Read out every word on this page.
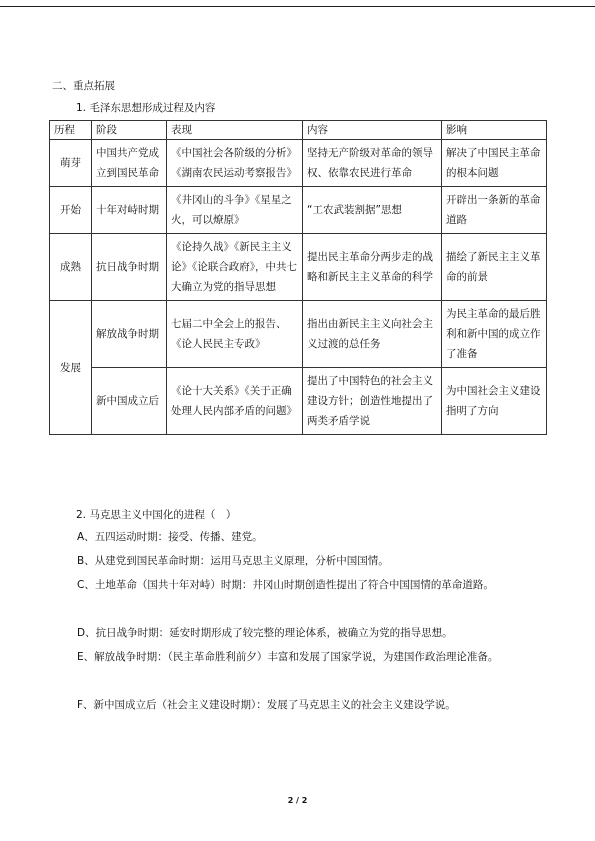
二、重点拓展
1. 毛泽东思想形成过程及内容
历程	阶段	表现	内容	影响
萌芽	中国共产党成立到国民革命	《中国社会各阶级的分析》《湖南农民运动考察报告》	坚持无产阶级对革命的领导权、依靠农民进行革命	解决了中国民主革命的根本问题
开始	十年对峙时期	《井冈山的斗争》《星星之火，可以燎原》	“工农武装割据”思想	开辟出一条新的革命道路
成熟	抗日战争时期	《论持久战》《新民主主义论》《论联合政府》，中共七大确立为党的指导思想	提出民主革命分两步走的战略和新民主主义革命的科学	描绘了新民主主义革命的前景
发展	解放战争时期	七届二中全会上的报告、《论人民民主专政》	指出由新民主主义向社会主义过渡的总任务	为民主革命的最后胜利和新中国的成立作了准备
	新中国成立后	《论十大关系》《关于正确处理人民内部矛盾的问题》	提出了中国特色的社会主义建设方针；创造性地提出了两类矛盾学说	为中国社会主义建设指明了方向
2. 马克思主义中国化的进程（　）
A、五四运动时期：接受、传播、建党。
B、从建党到国民革命时期：运用马克思主义原理，分析中国国情。
C、土地革命（国共十年对峙）时期：井冈山时期创造性提出了符合中国国情的革命道路。
D、抗日战争时期：延安时期形成了较完整的理论体系，被确立为党的指导思想。
E、解放战争时期：（民主革命胜利前夕）丰富和发展了国家学说，为建国作政治理论准备。
F、新中国成立后（社会主义建设时期）：发展了马克思主义的社会主义建设学说。
2 / 2
